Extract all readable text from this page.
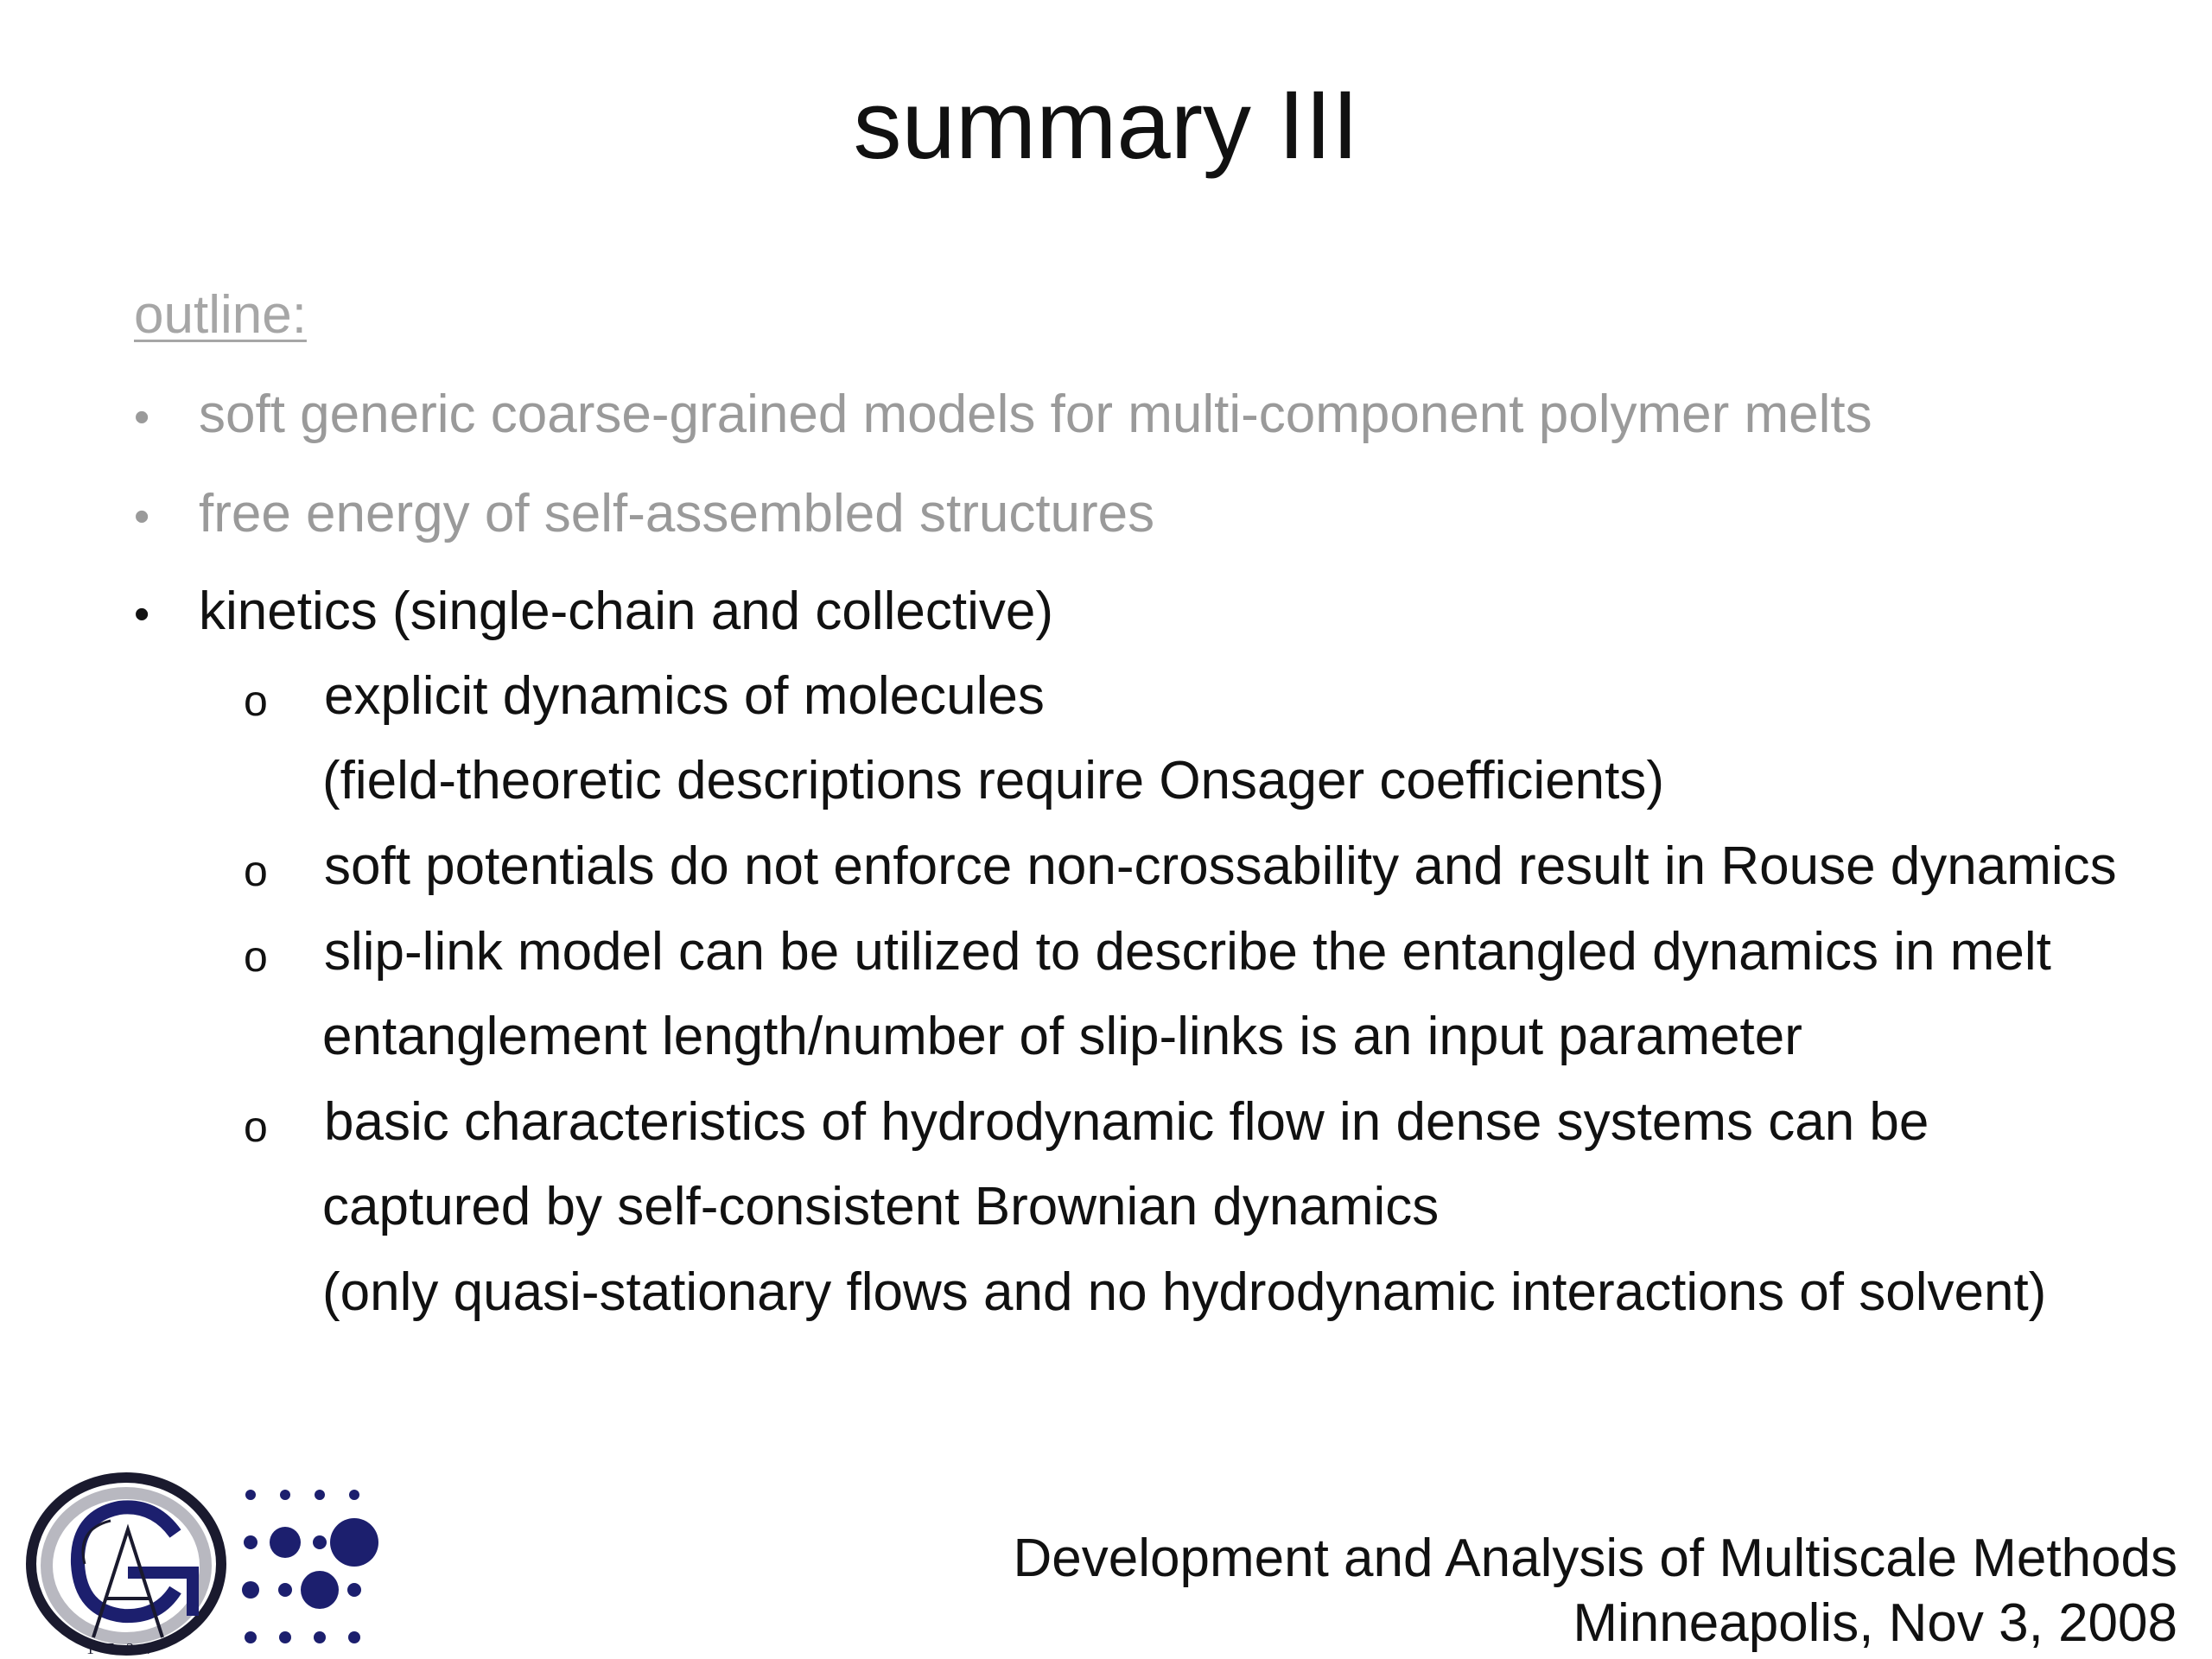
summary III
outline:
• soft generic coarse-grained models for multi-component polymer melts
• free energy of self-assembled structures
• kinetics (single-chain and collective)
o explicit dynamics of molecules
(field-theoretic descriptions require Onsager coefficients)
o soft potentials do not enforce non-crossability and result in Rouse dynamics
o slip-link model can be utilized to describe the entangled dynamics in melt
entanglement length/number of slip-links is an input parameter
o basic characteristics of hydrodynamic flow in dense systems can be
captured by self-consistent Brownian dynamics
(only quasi-stationary flows and no hydrodynamic interactions of solvent)
Development and Analysis of Multiscale Methods
Minneapolis, Nov 3, 2008
1737
